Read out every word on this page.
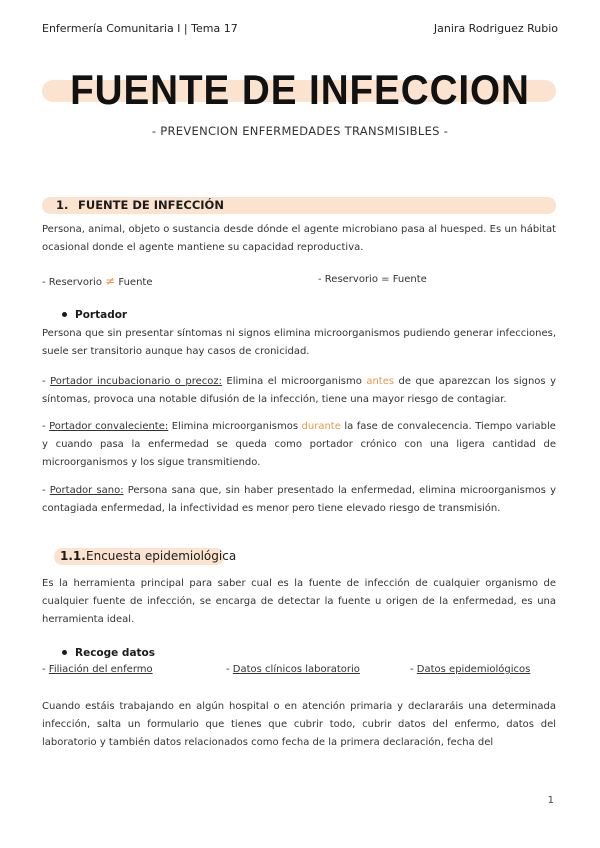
Enfermería Comunitaria I | Tema 17	Janira Rodriguez Rubio
FUENTE DE INFECCION
- PREVENCION ENFERMEDADES TRANSMISIBLES -
1. FUENTE DE INFECCIÓN
Persona, animal, objeto o sustancia desde dónde el agente microbiano pasa al huesped. Es un hábitat ocasional donde el agente mantiene su capacidad reproductiva.
- Reservorio ≠ Fuente	- Reservorio = Fuente
Portador
Persona que sin presentar síntomas ni signos elimina microorganismos pudiendo generar infecciones, suele ser transitorio aunque hay casos de cronicidad.
- Portador incubacionario o precoz: Elimina el microorganismo antes de que aparezcan los signos y síntomas, provoca una notable difusión de la infección, tiene una mayor riesgo de contagiar.
- Portador convaleciente: Elimina microorganismos durante la fase de convalecencia. Tiempo variable y cuando pasa la enfermedad se queda como portador crónico con una ligera cantidad de microorganismos y los sigue transmitiendo.
- Portador sano: Persona sana que, sin haber presentado la enfermedad, elimina microorganismos y contagiada enfermedad, la infectividad es menor pero tiene elevado riesgo de transmisión.
1.1.Encuesta epidemiológica
Es la herramienta principal para saber cual es la fuente de infección de cualquier organismo de cualquier fuente de infección, se encarga de detectar la fuente u origen de la enfermedad, es una herramienta ideal.
Recoge datos
- Filiación del enfermo	- Datos clínicos laboratorio	- Datos epidemiológicos
Cuando estáis trabajando en algún hospital o en atención primaria y declararáis una determinada infección, salta un formulario que tienes que cubrir todo, cubrir datos del enfermo, datos del laboratorio y también datos relacionados como fecha de la primera declaración, fecha del
1
